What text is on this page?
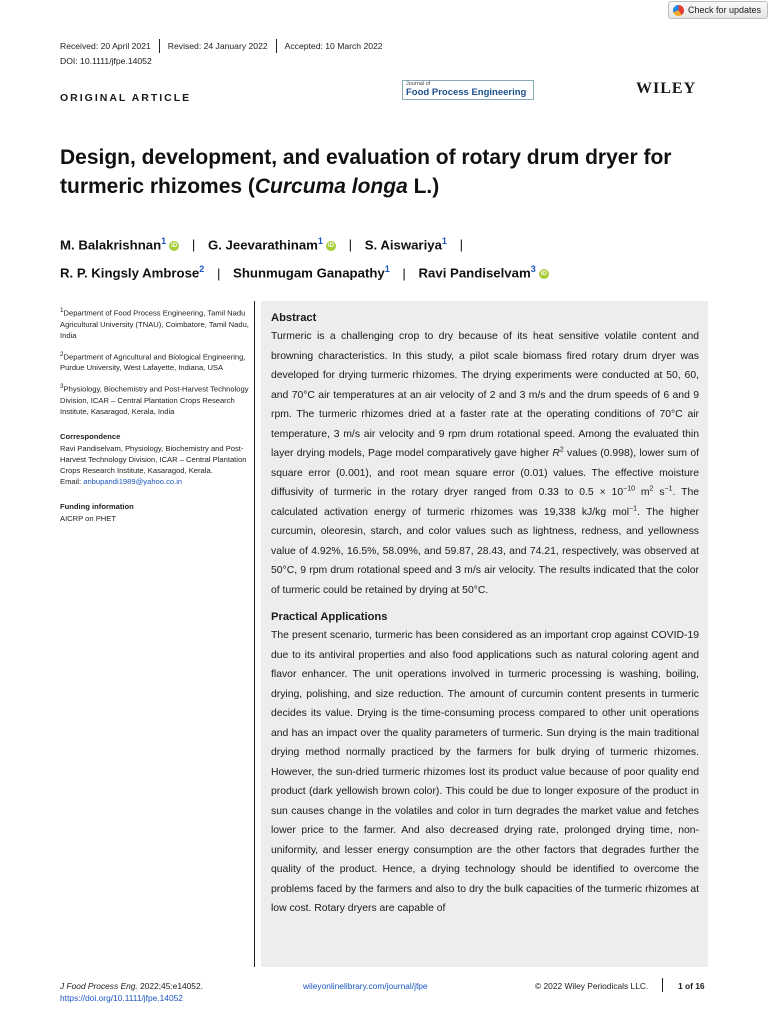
Check for updates
Received: 20 April 2021	Revised: 24 January 2022	Accepted: 10 March 2022
DOI: 10.1111/jfpe.14052
ORIGINAL ARTICLE
Journal of
Food Process Engineering	WILEY
Design, development, and evaluation of rotary drum dryer for turmeric rhizomes (Curcuma longa L.)
M. Balakrishnan$^1$ iD | G. Jeevarathinam$^1$ iD | S. Aiswariya$^1$ |
R. P. Kingsly Ambrose$^2$ | Shunmugam Ganapathy$^1$ | Ravi Pandiselvam$^3$ iD

$^1$Department of Food Process Engineering, Tamil Nadu Agricultural University (TNAU), Coimbatore, Tamil Nadu, India

$^2$Department of Agricultural and Biological Engineering, Purdue University, West Lafayette, Indiana, USA

$^3$Physiology, Biochemistry and Post-Harvest Technology Division, ICAR – Central Plantation Crops Research Institute, Kasaragod, Kerala, India

Correspondence

Ravi Pandiselvam, Physiology, Biochemistry and Post-Harvest Technology Division, ICAR – Central Plantation Crops Research Institute, Kasaragod, Kerala.
Email: anbupandi1989@yahoo.co.in

Funding information

AICRP on PHET

Abstract

Turmeric is a challenging crop to dry because of its heat sensitive volatile content and browning characteristics. In this study, a pilot scale biomass fired rotary drum dryer was developed for drying turmeric rhizomes. The drying experiments were conducted at 50, 60, and 70°C air temperatures at an air velocity of 2 and 3 m/s and the drum speeds of 6 and 9 rpm. The turmeric rhizomes dried at a faster rate at the operating conditions of 70°C air temperature, 3 m/s air velocity and 9 rpm drum rotational speed. Among the evaluated thin layer drying models, Page model comparatively gave higher $R^2$ values (0.998), lower sum of square error (0.001), and root mean square error (0.01) values. The effective moisture diffusivity of turmeric in the rotary dryer ranged from 0.33 to $0.5 \times 10^{-10}$ $m^2$ $s^{-1}$. The calculated activation energy of turmeric rhizomes was 19,338 kJ/kg mol$^{-1}$. The higher curcumin, oleoresin, starch, and color values such as lightness, redness, and yellowness value of 4.92%, 16.5%, 58.09%, and 59.87, 28.43, and 74.21, respectively, was observed at 50°C, 9 rpm drum rotational speed and 3 m/s air velocity. The results indicated that the color of turmeric could be retained by drying at 50°C.

Practical Applications

The present scenario, turmeric has been considered as an important crop against COVID-19 due to its antiviral properties and also food applications such as natural coloring agent and flavor enhancer. The unit operations involved in turmeric processing is washing, boiling, drying, polishing, and size reduction. The amount of curcumin content presents in turmeric decides its value. Drying is the time-consuming process compared to other unit operations and has an impact over the quality parameters of turmeric. Sun drying is the main traditional drying method normally practiced by the farmers for bulk drying of turmeric rhizomes. However, the sun-dried turmeric rhizomes lost its product value because of poor quality end product (dark yellowish brown color). This could be due to longer exposure of the product in sun causes change in the volatiles and color in turn degrades the market value and fetches lower price to the farmer. And also decreased drying rate, prolonged drying time, non-uniformity, and lesser energy consumption are the other factors that degrades further the quality of the product. Hence, a drying technology should be identified to overcome the problems faced by the farmers and also to dry the bulk capacities of the turmeric rhizomes at low cost. Rotary dryers are capable of

J Food Process Eng. 2022;45:e14052.
https://doi.org/10.1111/jfpe.14052
wileyonlinelibrary.com/journal/jfpe	© 2022 Wiley Periodicals LLC.	1 of 16
